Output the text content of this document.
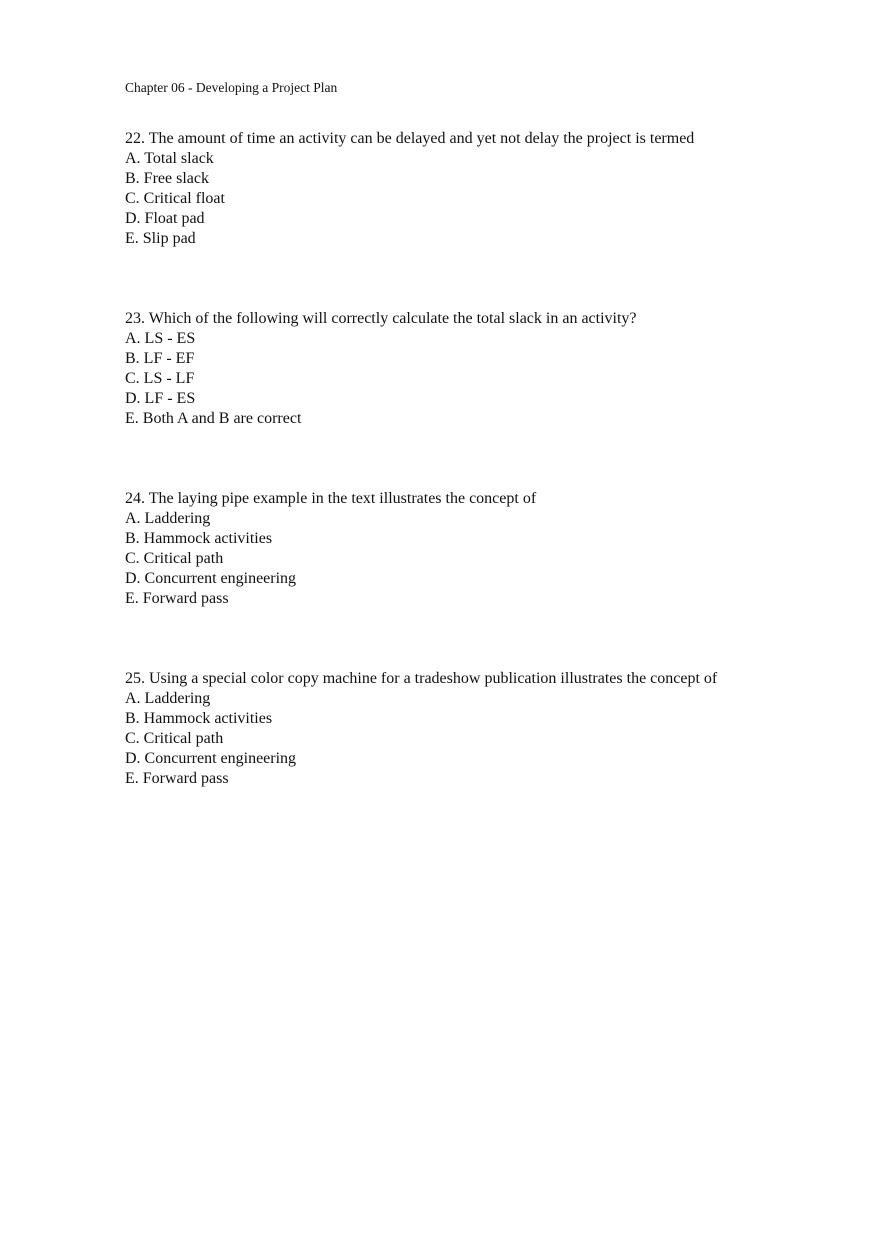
Chapter 06 - Developing a Project Plan
22. The amount of time an activity can be delayed and yet not delay the project is termed
A. Total slack
B. Free slack
C. Critical float
D. Float pad
E. Slip pad
23. Which of the following will correctly calculate the total slack in an activity?
A. LS - ES
B. LF - EF
C. LS - LF
D. LF - ES
E. Both A and B are correct
24. The laying pipe example in the text illustrates the concept of
A. Laddering
B. Hammock activities
C. Critical path
D. Concurrent engineering
E. Forward pass
25. Using a special color copy machine for a tradeshow publication illustrates the concept of
A. Laddering
B. Hammock activities
C. Critical path
D. Concurrent engineering
E. Forward pass
